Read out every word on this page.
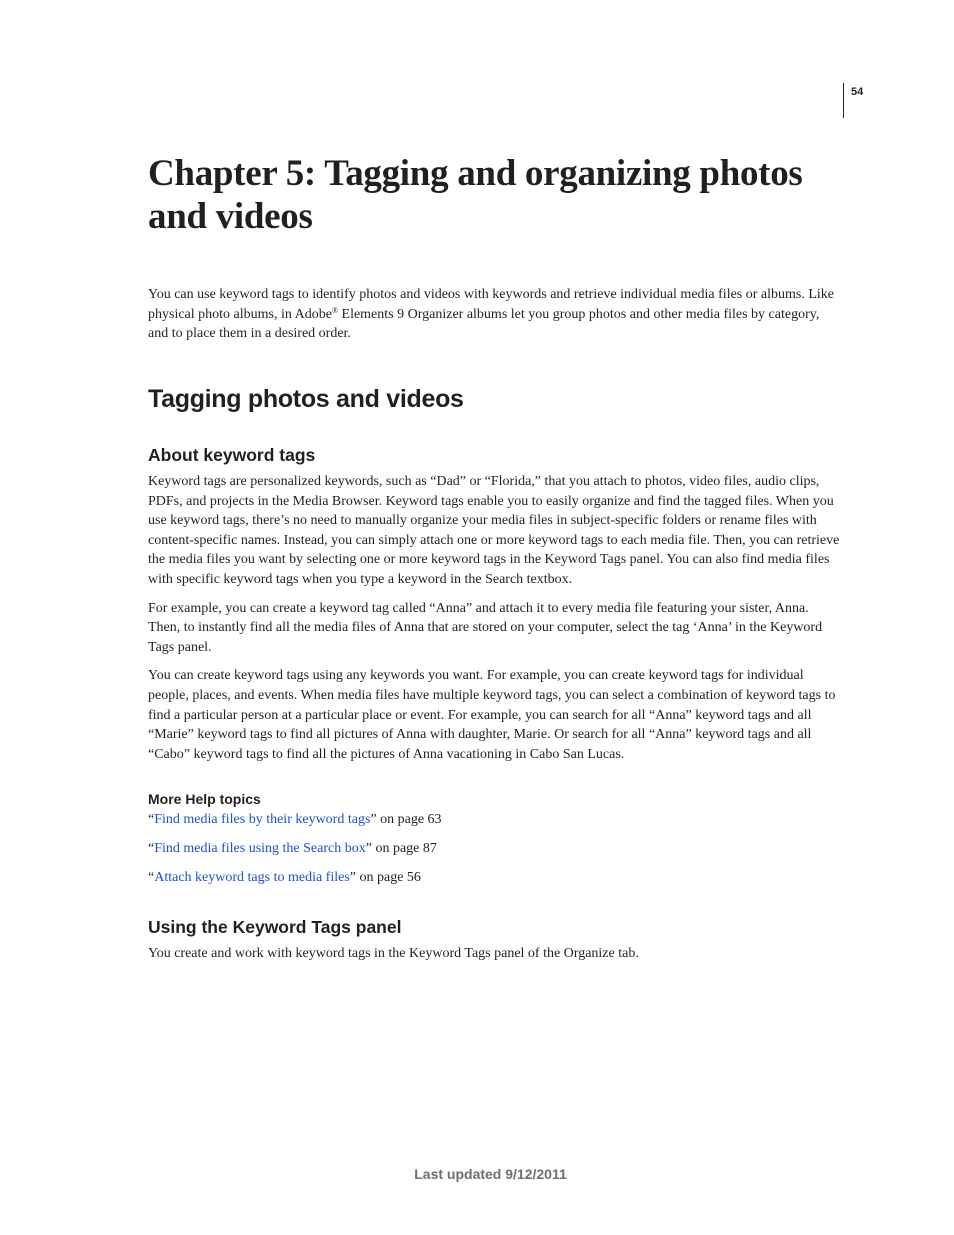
54
Chapter 5: Tagging and organizing photos and videos

You can use keyword tags to identify photos and videos with keywords and retrieve individual media files or albums. Like physical photo albums, in Adobe® Elements 9 Organizer albums let you group photos and other media files by category, and to place them in a desired order.

Tagging photos and videos
About keyword tags

Keyword tags are personalized keywords, such as “Dad” or “Florida,” that you attach to photos, video files, audio clips, PDFs, and projects in the Media Browser. Keyword tags enable you to easily organize and find the tagged files. When you use keyword tags, there’s no need to manually organize your media files in subject-specific folders or rename files with content-specific names. Instead, you can simply attach one or more keyword tags to each media file. Then, you can retrieve the media files you want by selecting one or more keyword tags in the Keyword Tags panel. You can also find media files with specific keyword tags when you type a keyword in the Search textbox.

For example, you can create a keyword tag called “Anna” and attach it to every media file featuring your sister, Anna. Then, to instantly find all the media files of Anna that are stored on your computer, select the tag ‘Anna’ in the Keyword Tags panel.

You can create keyword tags using any keywords you want. For example, you can create keyword tags for individual people, places, and events. When media files have multiple keyword tags, you can select a combination of keyword tags to find a particular person at a particular place or event. For example, you can search for all “Anna” keyword tags and all “Marie” keyword tags to find all pictures of Anna with daughter, Marie. Or search for all “Anna” keyword tags and all “Cabo” keyword tags to find all the pictures of Anna vacationing in Cabo San Lucas.

More Help topics

“Find media files by their keyword tags” on page 63

“Find media files using the Search box” on page 87

“Attach keyword tags to media files” on page 56

Using the Keyword Tags panel

You create and work with keyword tags in the Keyword Tags panel of the Organize tab.

Last updated 9/12/2011
